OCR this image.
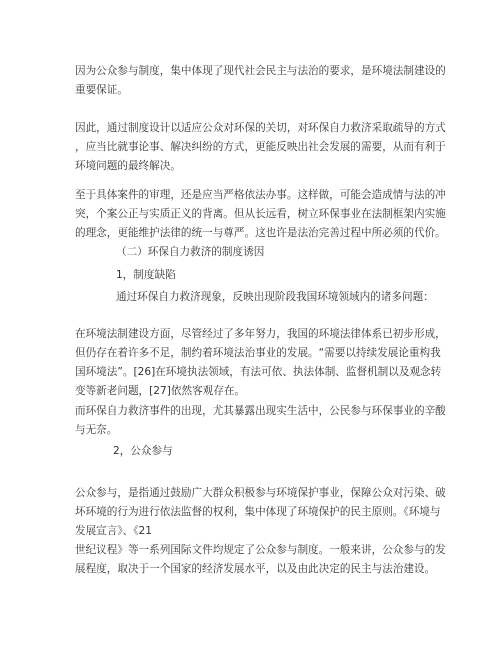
因为公众参与制度，集中体现了现代社会民主与法治的要求，是环境法制建设的
重要保证。
因此，通过制度设计以适应公众对环保的关切，对环保自力救济采取疏导的方式
，应当比就事论事、解决纠纷的方式，更能反映出社会发展的需要，从而有利于
环境问题的最终解决。
至于具体案件的审理，还是应当严格依法办事。这样做，可能会造成情与法的冲
突，个案公正与实质正义的背离。但从长远看，树立环保事业在法制框架内实施
的理念，更能维护法律的统一与尊严。这也许是法治完善过程中所必须的代价。
（二）环保自力救济的制度诱因
1，制度缺陷
通过环保自力救济现象，反映出现阶段我国环境领域内的诸多问题：
在环境法制建设方面，尽管经过了多年努力，我国的环境法律体系已初步形成，
但仍存在着许多不足，制约着环境法治事业的发展。“需要以持续发展论重构我
国环境法”。[26]在环境执法领域，有法可依、执法体制、监督机制以及观念转
变等新老问题，[27]依然客观存在。
而环保自力救济事件的出现，尤其暴露出现实生活中，公民参与环保事业的辛酸
与无奈。
2，公众参与
公众参与，是指通过鼓励广大群众积极参与环境保护事业，保障公众对污染、破
坏环境的行为进行依法监督的权利，集中体现了环境保护的民主原则。《环境与
发展宣言》、《21
世纪议程》等一系列国际文件均规定了公众参与制度。一般来讲，公众参与的发
展程度，取决于一个国家的经济发展水平，以及由此决定的民主与法治建设。
